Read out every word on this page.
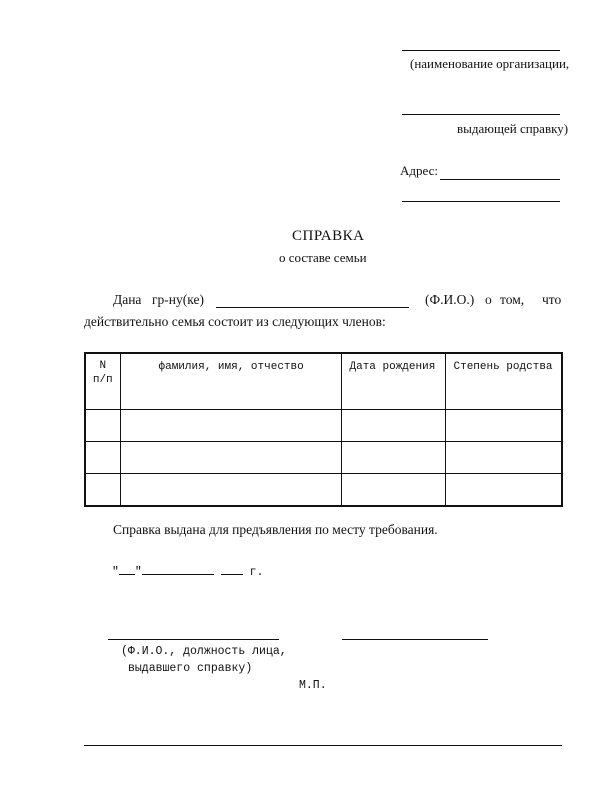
(наименование организации,
выдающей справку)
Адрес:
СПРАВКА
о составе семьи
Дана гр-ну(ке)	(Ф.И.О.) о том, что
действительно семья состоит из следующих членов:
N
п/п	фамилия, имя, отчество	Дата рождения	Степень родства

Справка выдана для предъявления по месту требования.
" "	г.
(Ф.И.О., должность лица,
выдавшего справку)
М.П.
